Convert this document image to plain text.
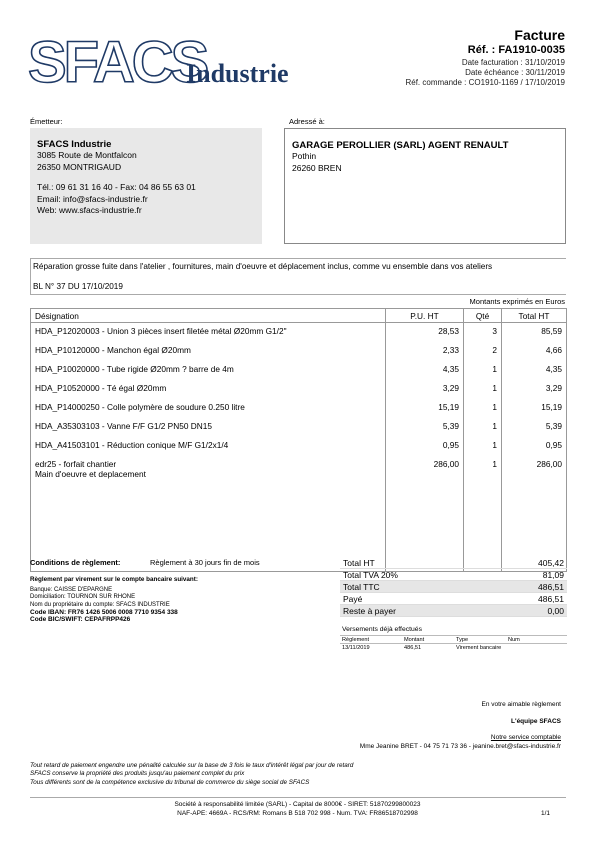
SFACS
Industrie
Facture
Réf. : FA1910-0035
Date facturation : 31/10/2019
Date échéance : 30/11/2019
Réf. commande : CO1910-1169 / 17/10/2019
Émetteur:
SFACS Industrie
3085 Route de Montfalcon
26350 MONTRIGAUD
Tél.: 09 61 31 16 40 - Fax: 04 86 55 63 01
Email: info@sfacs-industrie.fr
Web: www.sfacs-industrie.fr
Adressé à:
GARAGE PEROLLIER (SARL) AGENT RENAULT
Pothin
26260 BREN
Réparation grosse fuite dans l'atelier , fournitures, main d'oeuvre et déplacement inclus, comme vu ensemble dans vos ateliers
BL N° 37 DU 17/10/2019
Montants exprimés en Euros
Désignation	P.U. HT	Qté	Total HT
HDA_P12020003 - Union 3 pièces insert filetée métal Ø20mm G1/2"	28,53	3	85,59
HDA_P10120000 - Manchon égal Ø20mm	2,33	2	4,66
HDA_P10020000 - Tube rigide Ø20mm ? barre de 4m	4,35	1	4,35
HDA_P10520000 - Té égal Ø20mm	3,29	1	3,29
HDA_P14000250 - Colle polymère de soudure 0.250 litre	15,19	1	15,19
HDA_A35303103 - Vanne F/F G1/2 PN50 DN15	5,39	1	5,39
HDA_A41503101 - Réduction conique M/F G1/2x1/4	0,95	1	0,95

edr25 - forfait chantier
Main d'oeuvre et deplacement	286,00	1	286,00
Conditions de règlement:	Règlement à 30 jours fin de mois
Règlement par virement sur le compte bancaire suivant:
Banque: CAISSE D'EPARGNE
Domiciliation: TOURNON SUR RHONE
Nom du propriétaire du compte: SFACS INDUSTRIE
Code IBAN: FR76 1426 5006 0008 7710 9354 338
Code BIC/SWIFT: CEPAFRPP426
Total HT	405,42
Total TVA 20%	81,09
Total TTC	486,51
Payé	486,51
Reste à payer	0,00
Versements déjà effectués
Règlement	Montant	Type	Num
13/11/2019	486,51	Virement bancaire	
En votre aimable règlement
L'équipe SFACS
Notre service comptable
Mme Jeanine BRET - 04 75 71 73 36 - jeanine.bret@sfacs-industrie.fr
Tout retard de paiement engendre une pénalité calculée sur la base de 3 fois le taux d'intérêt légal par jour de retard
SFACS conserve la propriété des produits jusqu'au paiement complet du prix
Tous différents sont de la compétence exclusive du tribunal de commerce du siège social de SFACS
Société à responsabilité limitée (SARL) - Capital de 8000€ - SIRET: 51870299800023
NAF-APE: 4669A - RCS/RM: Romans B 518 702 998 - Num. TVA: FR86518702998	1/1
